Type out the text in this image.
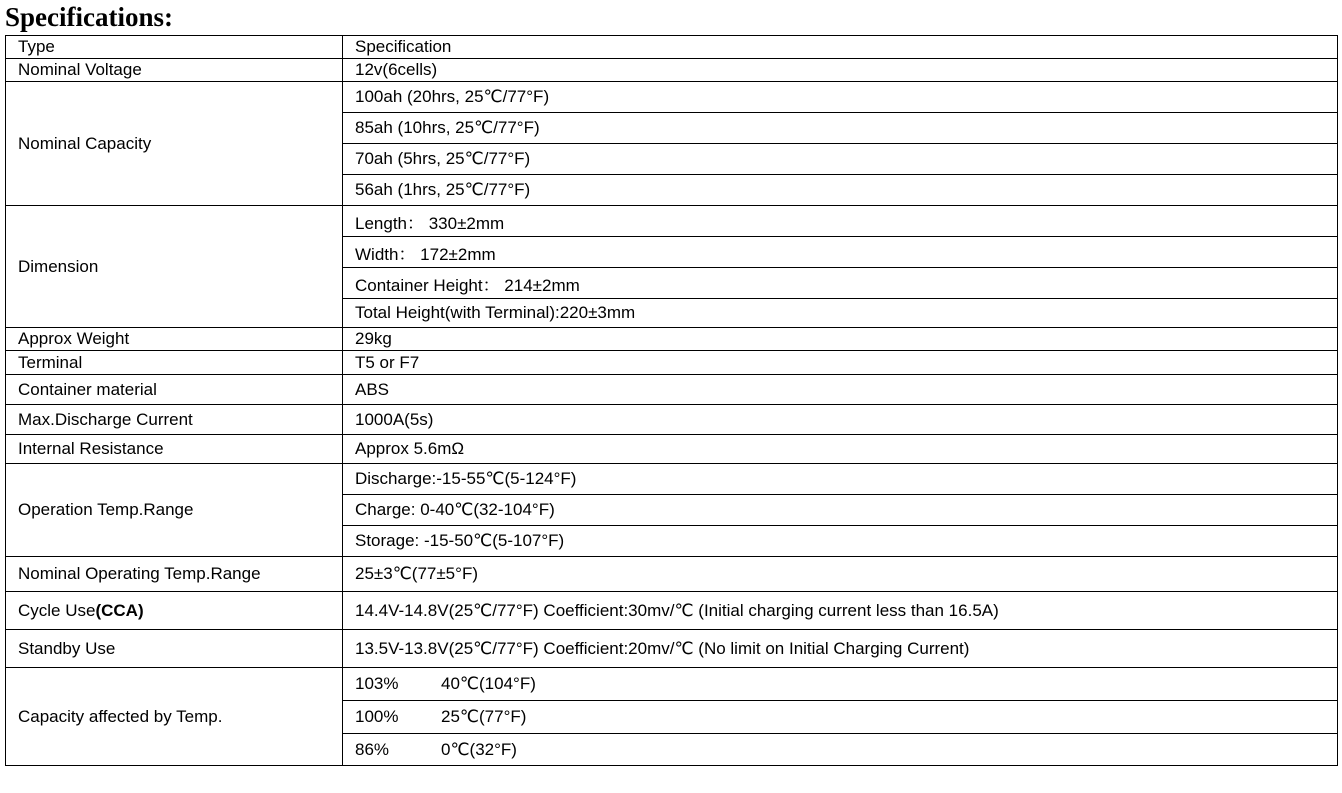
Specifications:
Type	Specification
Nominal Voltage	12v(6cells)
Nominal Capacity	100ah (20hrs, 25℃/77°F)
	85ah (10hrs, 25℃/77°F)
	70ah (5hrs, 25℃/77°F)
	56ah (1hrs, 25℃/77°F)
Dimension	Length： 330±2mm
	Width： 172±2mm
	Container Height： 214±2mm
	Total Height(with Terminal):220±3mm
Approx Weight	29kg
Terminal	T5 or F7
Container material	ABS
Max.Discharge Current	1000A(5s)
Internal Resistance	Approx 5.6mΩ
Operation Temp.Range	Discharge:-15-55℃(5-124°F)
	Charge: 0-40℃(32-104°F)
	Storage: -15-50℃(5-107°F)
Nominal Operating Temp.Range	25±3℃(77±5°F)
Cycle Use(CCA)	14.4V-14.8V(25℃/77°F) Coefficient:30mv/℃ (Initial charging current less than 16.5A)
Standby Use	13.5V-13.8V(25℃/77°F) Coefficient:20mv/℃ (No limit on Initial Charging Current)
Capacity affected by Temp.	103% 40℃(104°F)
	100% 25℃(77°F)
	86% 0℃(32°F)
